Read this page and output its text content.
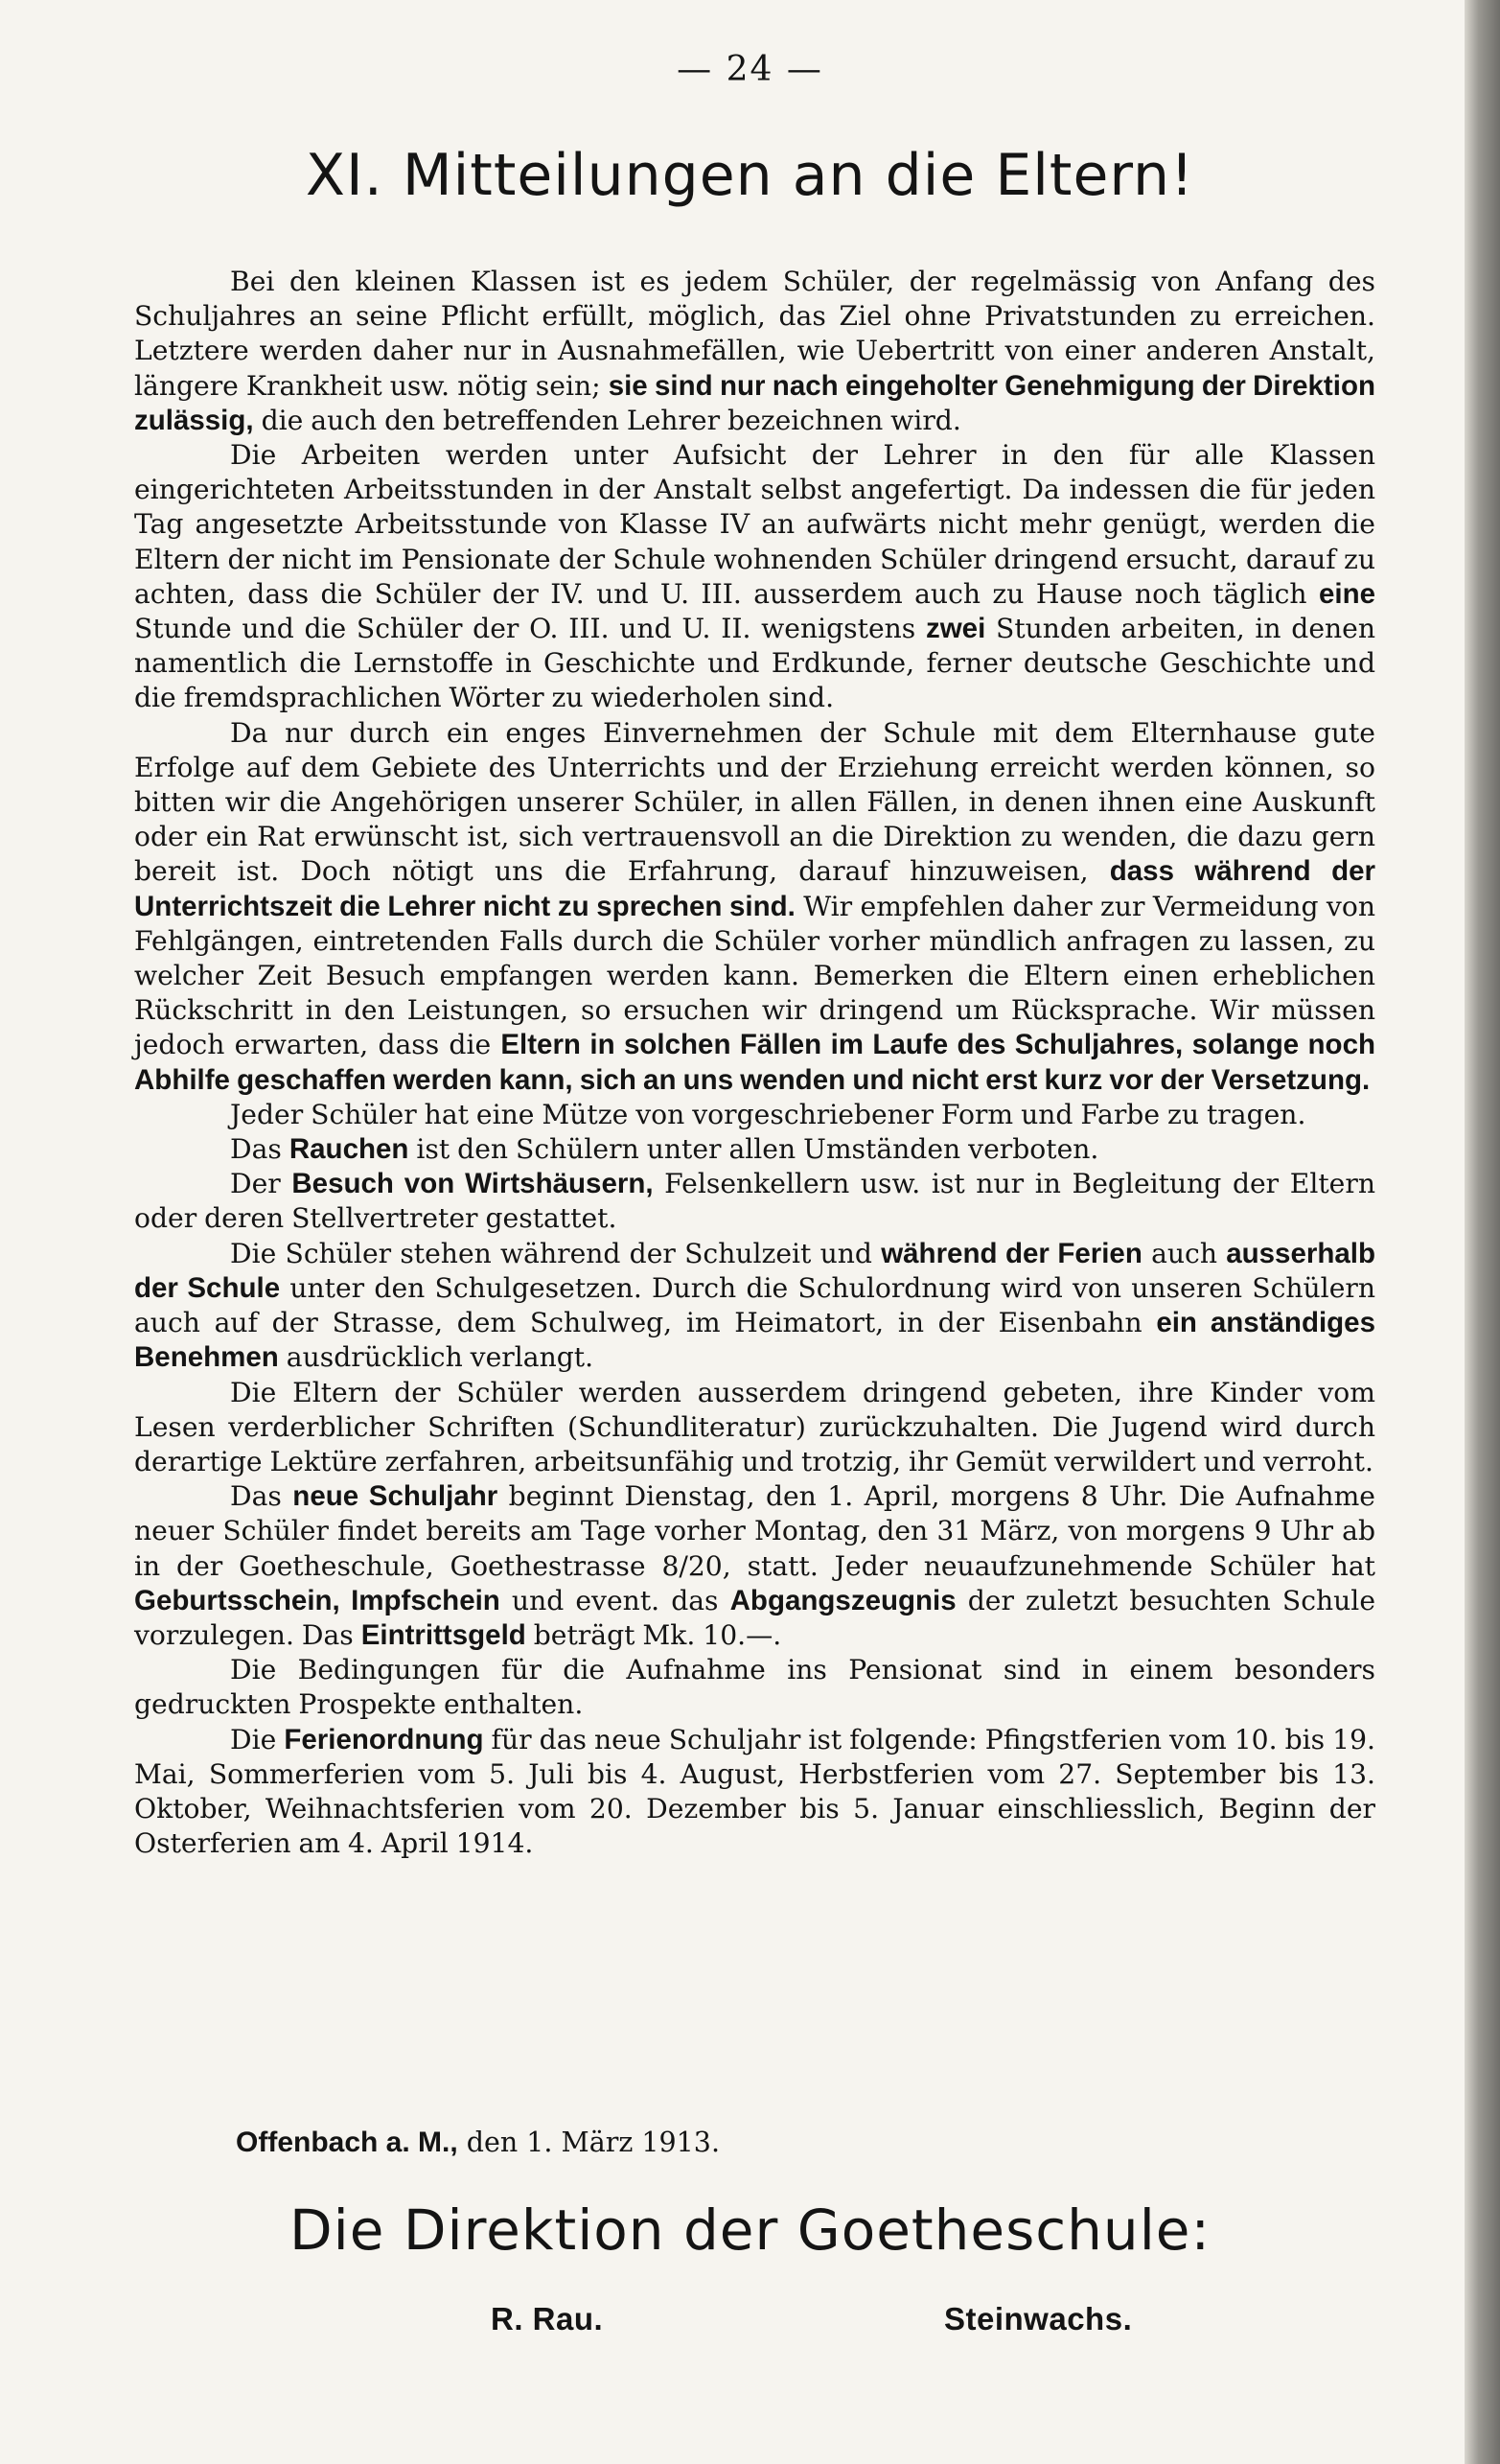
— 24 —
XI. Mitteilungen an die Eltern!

Bei den kleinen Klassen ist es jedem Schüler, der regelmässig von Anfang des Schuljahres an seine Pflicht erfüllt, möglich, das Ziel ohne Privatstunden zu erreichen. Letztere werden daher nur in Ausnahmefällen, wie Uebertritt von einer anderen Anstalt, längere Krankheit usw. nötig sein; sie sind nur nach eingeholter Genehmigung der Direktion zulässig, die auch den betreffenden Lehrer bezeichnen wird.

Die Arbeiten werden unter Aufsicht der Lehrer in den für alle Klassen eingerichteten Arbeitsstunden in der Anstalt selbst angefertigt. Da indessen die für jeden Tag angesetzte Arbeitsstunde von Klasse IV an aufwärts nicht mehr genügt, werden die Eltern der nicht im Pensionate der Schule wohnenden Schüler dringend ersucht, darauf zu achten, dass die Schüler der IV. und U. III. ausserdem auch zu Hause noch täglich eine Stunde und die Schüler der O. III. und U. II. wenigstens zwei Stunden arbeiten, in denen namentlich die Lernstoffe in Geschichte und Erdkunde, ferner deutsche Geschichte und die fremdsprachlichen Wörter zu wiederholen sind.

Da nur durch ein enges Einvernehmen der Schule mit dem Elternhause gute Erfolge auf dem Gebiete des Unterrichts und der Erziehung erreicht werden können, so bitten wir die Angehörigen unserer Schüler, in allen Fällen, in denen ihnen eine Auskunft oder ein Rat erwünscht ist, sich vertrauensvoll an die Direktion zu wenden, die dazu gern bereit ist. Doch nötigt uns die Erfahrung, darauf hinzuweisen, dass während der Unterrichtszeit die Lehrer nicht zu sprechen sind. Wir empfehlen daher zur Vermeidung von Fehlgängen, eintretenden Falls durch die Schüler vorher mündlich anfragen zu lassen, zu welcher Zeit Besuch empfangen werden kann. Bemerken die Eltern einen erheblichen Rückschritt in den Leistungen, so ersuchen wir dringend um Rücksprache. Wir müssen jedoch erwarten, dass die Eltern in solchen Fällen im Laufe des Schuljahres, solange noch Abhilfe geschaffen werden kann, sich an uns wenden und nicht erst kurz vor der Versetzung.

Jeder Schüler hat eine Mütze von vorgeschriebener Form und Farbe zu tragen.

Das Rauchen ist den Schülern unter allen Umständen verboten.

Der Besuch von Wirtshäusern, Felsenkellern usw. ist nur in Begleitung der Eltern oder deren Stellvertreter gestattet.

Die Schüler stehen während der Schulzeit und während der Ferien auch ausserhalb der Schule unter den Schulgesetzen. Durch die Schulordnung wird von unseren Schülern auch auf der Strasse, dem Schulweg, im Heimatort, in der Eisenbahn ein anständiges Benehmen ausdrücklich verlangt.

Die Eltern der Schüler werden ausserdem dringend gebeten, ihre Kinder vom Lesen verderblicher Schriften (Schundliteratur) zurückzuhalten. Die Jugend wird durch derartige Lektüre zerfahren, arbeitsunfähig und trotzig, ihr Gemüt verwildert und verroht.

Das neue Schuljahr beginnt Dienstag, den 1. April, morgens 8 Uhr. Die Aufnahme neuer Schüler findet bereits am Tage vorher Montag, den 31 März, von morgens 9 Uhr ab in der Goetheschule, Goethestrasse 8/20, statt. Jeder neuaufzunehmende Schüler hat Geburtsschein, Impfschein und event. das Abgangszeugnis der zuletzt besuchten Schule vorzulegen. Das Eintrittsgeld beträgt Mk. 10.—.

Die Bedingungen für die Aufnahme ins Pensionat sind in einem besonders gedruckten Prospekte enthalten.

Die Ferienordnung für das neue Schuljahr ist folgende: Pfingstferien vom 10. bis 19. Mai, Sommerferien vom 5. Juli bis 4. August, Herbstferien vom 27. September bis 13. Oktober, Weihnachtsferien vom 20. Dezember bis 5. Januar einschliesslich, Beginn der Osterferien am 4. April 1914.

Offenbach a. M., den 1. März 1913.
Die Direktion der Goetheschule:
R. Rau.	Steinwachs.
